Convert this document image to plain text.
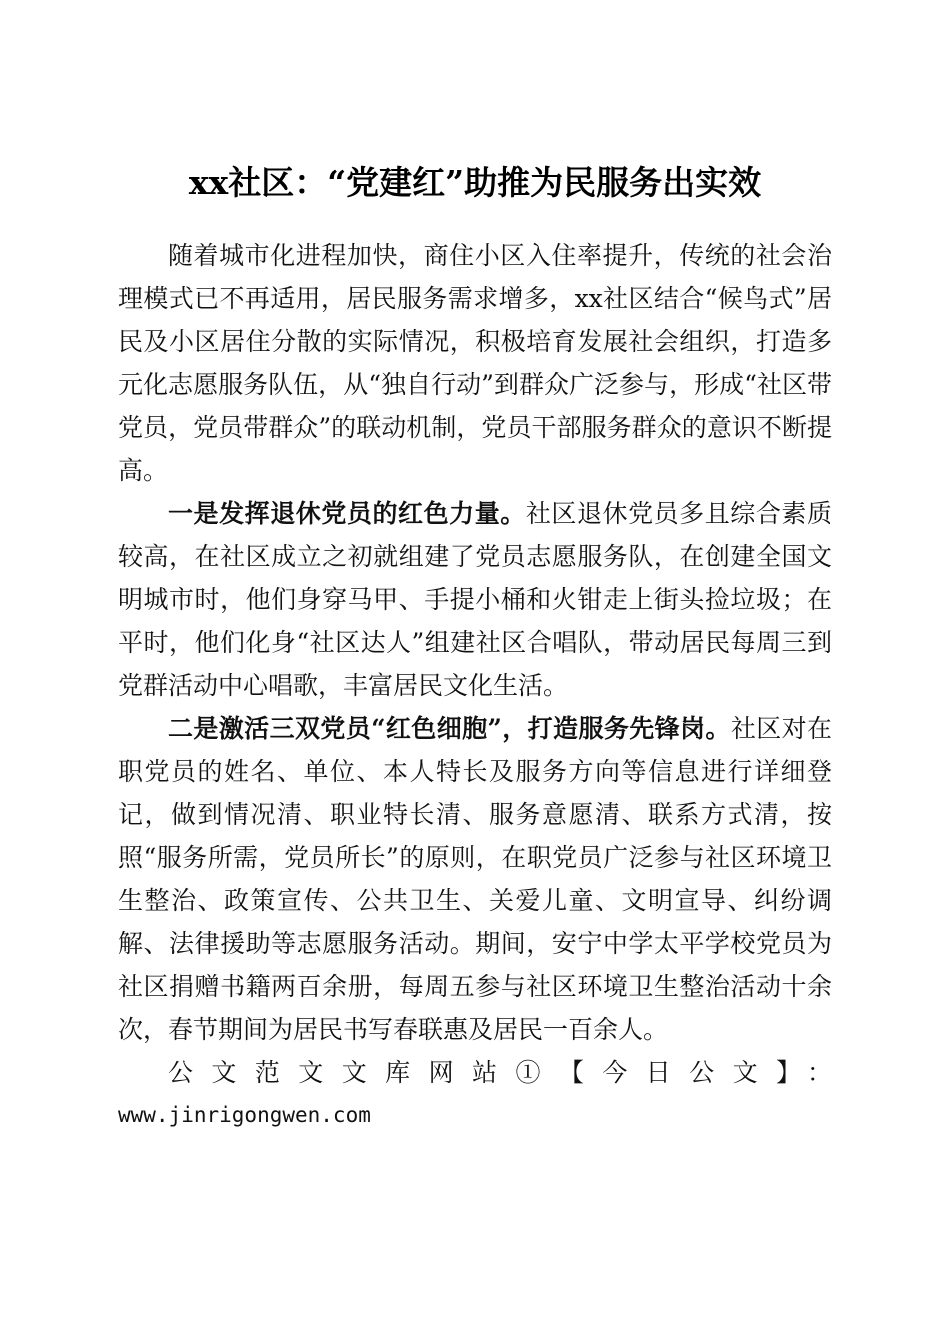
xx社区：“党建红”助推为民服务出实效

随着城市化进程加快，商住小区入住率提升，传统的社会治理模式已不再适用，居民服务需求增多，xx社区结合“候鸟式”居民及小区居住分散的实际情况，积极培育发展社会组织，打造多元化志愿服务队伍，从“独自行动”到群众广泛参与，形成“社区带党员，党员带群众”的联动机制，党员干部服务群众的意识不断提高。

一是发挥退休党员的红色力量。社区退休党员多且综合素质较高，在社区成立之初就组建了党员志愿服务队，在创建全国文明城市时，他们身穿马甲、手提小桶和火钳走上街头捡垃圾；在平时，他们化身“社区达人”组建社区合唱队，带动居民每周三到党群活动中心唱歌，丰富居民文化生活。

二是激活三双党员“红色细胞”，打造服务先锋岗。社区对在职党员的姓名、单位、本人特长及服务方向等信息进行详细登记，做到情况清、职业特长清、服务意愿清、联系方式清，按照“服务所需，党员所长”的原则，在职党员广泛参与社区环境卫生整治、政策宣传、公共卫生、关爱儿童、文明宣导、纠纷调解、法律援助等志愿服务活动。期间，安宁中学太平学校党员为社区捐赠书籍两百余册，每周五参与社区环境卫生整治活动十余次，春节期间为居民书写春联惠及居民一百余人。

公文范文文库网站①【今日公文】：

www.jinrigongwen.com
